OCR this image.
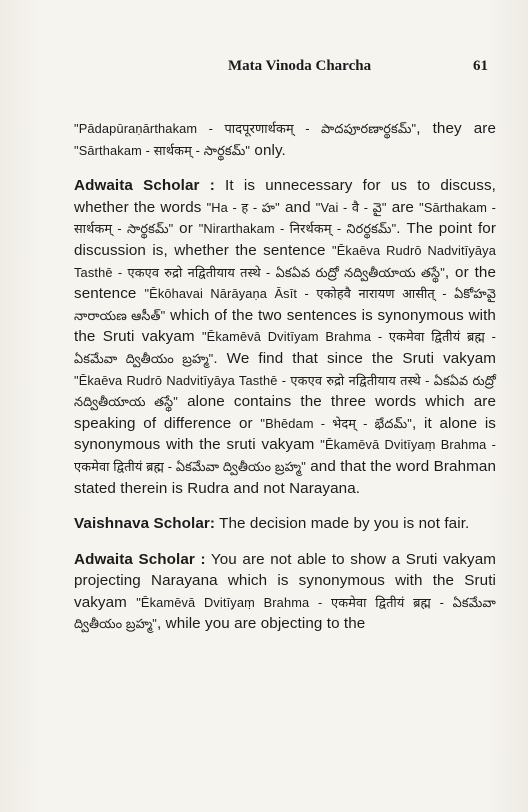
Mata Vinoda Charcha	61

"Pādapūraṇārthakam - पादपूरणार्थकम् - పాదపూరణార్థకమ్", they are "Sārthakam - सार्थकम् - సార్థకమ్" only.

Adwaita Scholar : It is unnecessary for us to discuss, whether the words "Ha - ह - హ" and "Vai - वै - వై" are "Sārthakam - सार्थकम् - సార్థకమ్" or "Nirarthakam - निरर्थकम् - నిరర్థకమ్". The point for discussion is, whether the sentence "Ēkaēva Rudrō Nadvitīyāya Tasthē - एकएव रुद्रो नद्वितीयाय तस्थे - ఏకఏవ రుద్రో నద్వితీయాయ తస్థే", or the sentence "Ēkōhavai Nārāyaṇa Āsīt - एकोहवै नारायण आसीत् - ఏకోహవై నారాయణ ఆసీత్" which of the two sentences is synonymous with the Sruti vakyam "Ēkamēvā Dvitīyam Brahma - एकमेवा द्वितीयं ब्रह्म - ఏకమేవా ద్వితీయం బ్రహ్మ". We find that since the Sruti vakyam "Ēkaēva Rudrō Nadvitīyāya Tasthē - एकएव रुद्रो नद्वितीयाय तस्थे - ఏకఏవ రుద్రో నద్వితీయాయ తస్థే" alone contains the three words which are speaking of difference or "Bhēdam - भेदम् - భేదమ్", it alone is synonymous with the sruti vakyam "Ēkamēvā Dvitīyaṃ Brahma - एकमेवा द्वितीयं ब्रह्म - ఏకమేవా ద్వితీయం బ్రహ్మ" and that the word Brahman stated therein is Rudra and not Narayana.

Vaishnava Scholar: The decision made by you is not fair.

Adwaita Scholar : You are not able to show a Sruti vakyam projecting Narayana which is synonymous with the Sruti vakyam "Ēkamēvā Dvitīyaṃ Brahma - एकमेवा द्वितीयं ब्रह्म - ఏకమేవా ద్వితీయం బ్రహ్మ", while you are objecting to the
